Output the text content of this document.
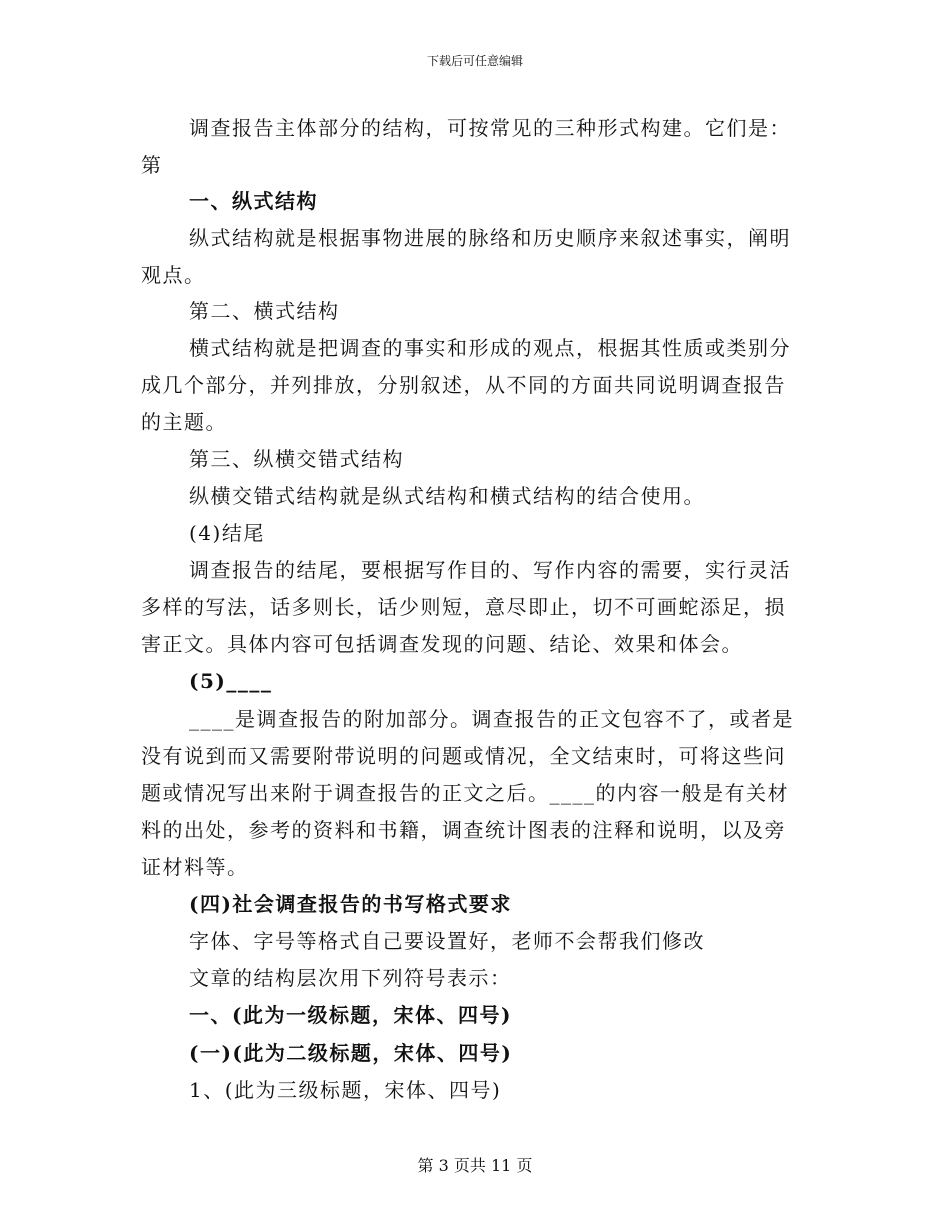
下载后可任意编辑
调查报告主体部分的结构，可按常见的三种形式构建。它们是：
第
一、纵式结构
纵式结构就是根据事物进展的脉络和历史顺序来叙述事实，阐明
观点。
第二、横式结构
横式结构就是把调查的事实和形成的观点，根据其性质或类别分
成几个部分，并列排放，分别叙述，从不同的方面共同说明调查报告
的主题。
第三、纵横交错式结构
纵横交错式结构就是纵式结构和横式结构的结合使用。
(4)结尾
调查报告的结尾，要根据写作目的、写作内容的需要，实行灵活
多样的写法，话多则长，话少则短，意尽即止，切不可画蛇添足，损
害正文。具体内容可包括调查发现的问题、结论、效果和体会。
(5)____
____是调查报告的附加部分。调查报告的正文包容不了，或者是
没有说到而又需要附带说明的问题或情况，全文结束时，可将这些问
题或情况写出来附于调查报告的正文之后。____的内容一般是有关材
料的出处，参考的资料和书籍，调查统计图表的注释和说明，以及旁
证材料等。
(四)社会调查报告的书写格式要求
字体、字号等格式自己要设置好，老师不会帮我们修改
文章的结构层次用下列符号表示：
一、(此为一级标题，宋体、四号)
(一)(此为二级标题，宋体、四号)
1、(此为三级标题，宋体、四号)
第 3 页共 11 页
